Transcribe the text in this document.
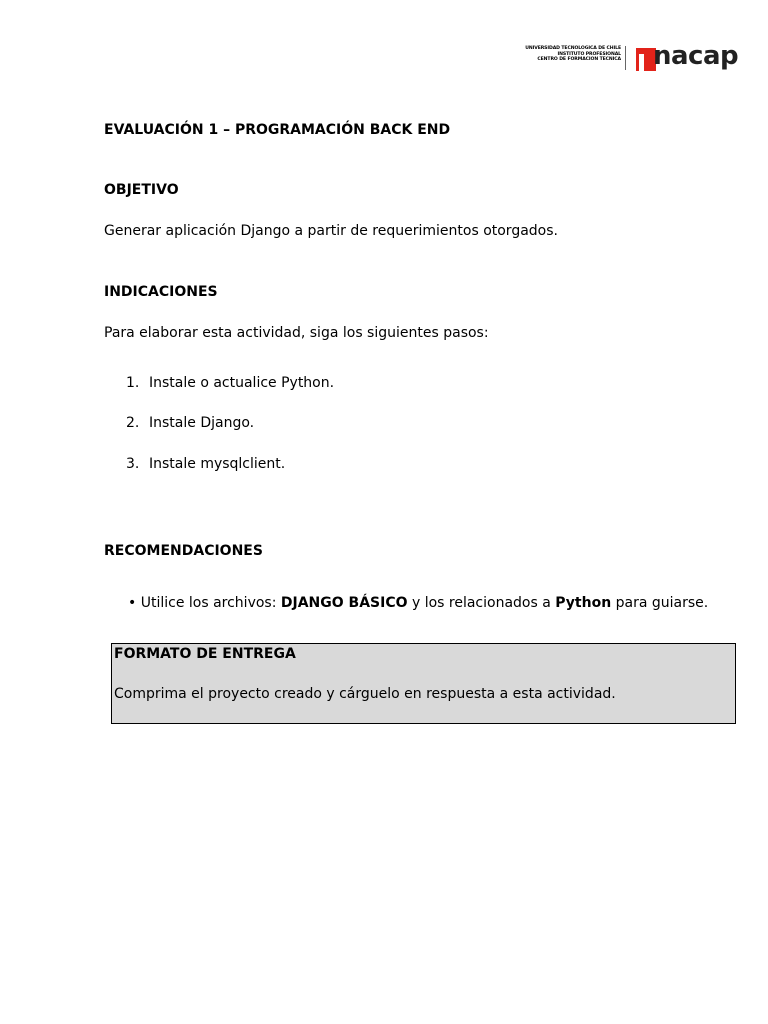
UNIVERSIDAD TECNOLOGICA DE CHILE
INSTITUTO PROFESIONAL
CENTRO DE FORMACION TECNICA nacap
EVALUACIÓN 1 – PROGRAMACIÓN BACK END
OBJETIVO
Generar aplicación Django a partir de requerimientos otorgados.
INDICACIONES
Para elaborar esta actividad, siga los siguientes pasos:
1. Instale o actualice Python.
2. Instale Django.
3. Instale mysqlclient.
RECOMENDACIONES
• Utilice los archivos: DJANGO BÁSICO y los relacionados a Python para guiarse.
FORMATO DE ENTREGA
Comprima el proyecto creado y cárguelo en respuesta a esta actividad.
